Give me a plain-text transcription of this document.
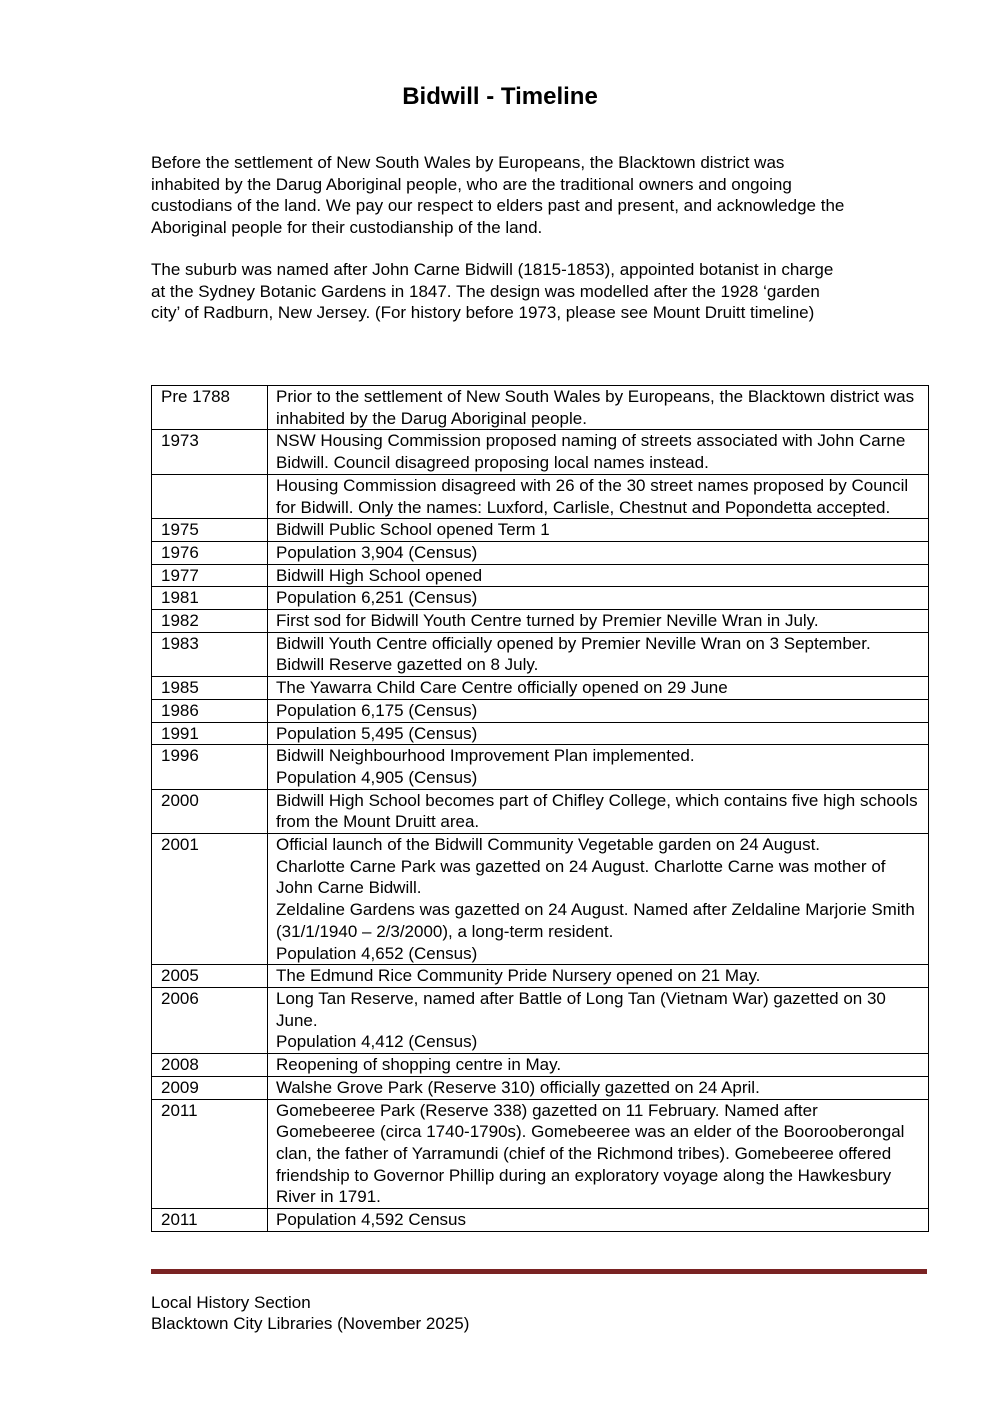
Bidwill - Timeline

Before the settlement of New South Wales by Europeans, the Blacktown district was inhabited by the Darug Aboriginal people, who are the traditional owners and ongoing custodians of the land. We pay our respect to elders past and present, and acknowledge the Aboriginal people for their custodianship of the land.

The suburb was named after John Carne Bidwill (1815-1853), appointed botanist in charge at the Sydney Botanic Gardens in 1847. The design was modelled after the 1928 ‘garden city’ of Radburn, New Jersey. (For history before 1973, please see Mount Druitt timeline)

Pre 1788	Prior to the settlement of New South Wales by Europeans, the Blacktown district was inhabited by the Darug Aboriginal people.

1973	NSW Housing Commission proposed naming of streets associated with John Carne Bidwill. Council disagreed proposing local names instead.

	Housing Commission disagreed with 26 of the 30 street names proposed by Council for Bidwill. Only the names: Luxford, Carlisle, Chestnut and Popondetta accepted.

1975	Bidwill Public School opened Term 1

1976	Population 3,904 (Census)

1977	Bidwill High School opened

1981	Population 6,251 (Census)

1982	First sod for Bidwill Youth Centre turned by Premier Neville Wran in July.

1983	Bidwill Youth Centre officially opened by Premier Neville Wran on 3 September.
Bidwill Reserve gazetted on 8 July.

1985	The Yawarra Child Care Centre officially opened on 29 June

1986	Population 6,175 (Census)

1991	Population 5,495 (Census)

1996	Bidwill Neighbourhood Improvement Plan implemented.
Population 4,905 (Census)

2000	Bidwill High School becomes part of Chifley College, which contains five high schools from the Mount Druitt area.

2001	Official launch of the Bidwill Community Vegetable garden on 24 August.
Charlotte Carne Park was gazetted on 24 August. Charlotte Carne was mother of John Carne Bidwill.
Zeldaline Gardens was gazetted on 24 August. Named after Zeldaline Marjorie Smith (31/1/1940 – 2/3/2000), a long-term resident.
Population 4,652 (Census)

2005	The Edmund Rice Community Pride Nursery opened on 21 May.

2006	Long Tan Reserve, named after Battle of Long Tan (Vietnam War) gazetted on 30 June.
Population 4,412 (Census)

2008	Reopening of shopping centre in May.

2009	Walshe Grove Park (Reserve 310) officially gazetted on 24 April.

2011	Gomebeeree Park (Reserve 338) gazetted on 11 February. Named after Gomebeeree (circa 1740-1790s). Gomebeeree was an elder of the Boorooberongal clan, the father of Yarramundi (chief of the Richmond tribes). Gomebeeree offered friendship to Governor Phillip during an exploratory voyage along the Hawkesbury River in 1791.

2011	Population 4,592 Census
Local History Section
Blacktown City Libraries (November 2025)
